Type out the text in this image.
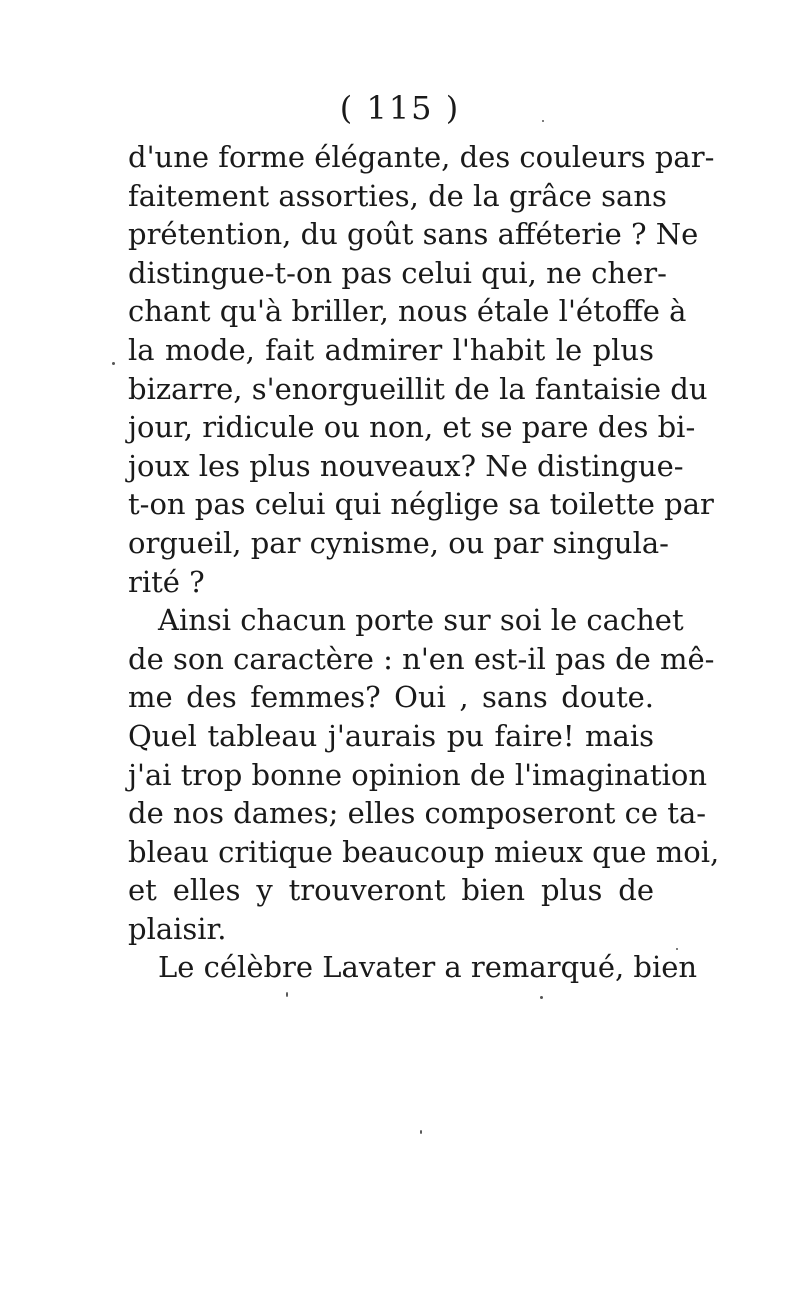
( 115 )
d'une forme élégante, des couleurs par-
faitement assorties, de la grâce sans
prétention, du goût sans afféterie ? Ne
distingue-t-on pas celui qui, ne cher-
chant qu'à briller, nous étale l'étoffe à
la mode, fait admirer l'habit le plus
bizarre, s'enorgueillit de la fantaisie du
jour, ridicule ou non, et se pare des bi-
joux les plus nouveaux? Ne distingue-
t-on pas celui qui néglige sa toilette par
orgueil, par cynisme, ou par singula-
rité ?
Ainsi chacun porte sur soi le cachet
de son caractère : n'en est-il pas de mê-
me des femmes? Oui , sans doute.
Quel tableau j'aurais pu faire! mais
j'ai trop bonne opinion de l'imagination
de nos dames; elles composeront ce ta-
bleau critique beaucoup mieux que moi,
et elles y trouveront bien plus de
plaisir.
Le célèbre Lavater a remarqué, bien
